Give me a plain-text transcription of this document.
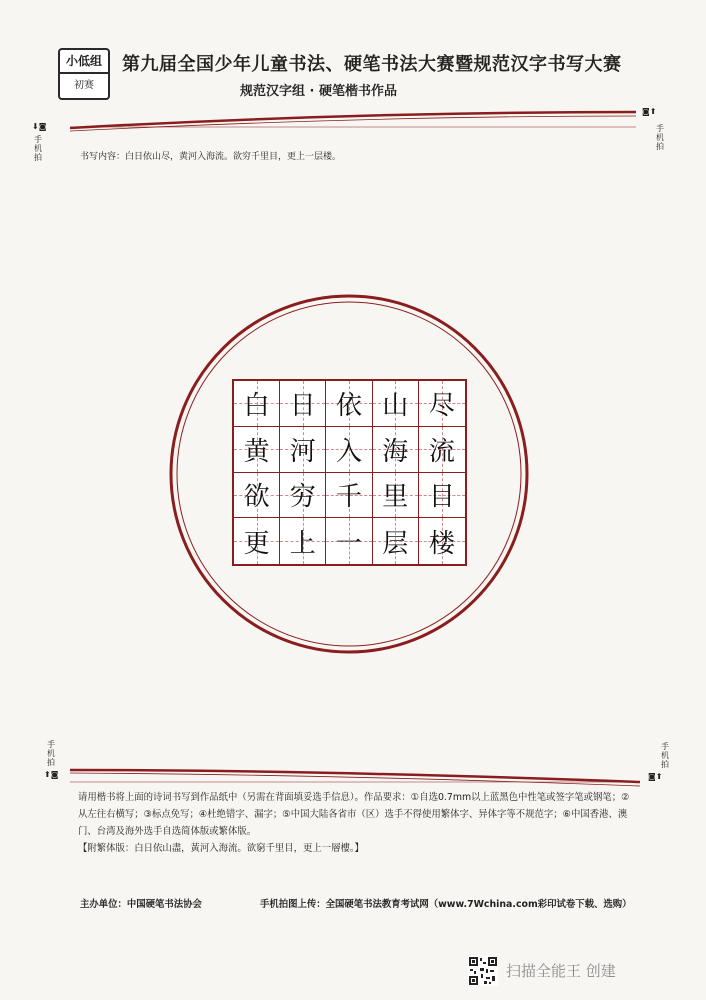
小低组
初赛
第九届全国少年儿童书法、硬笔书法大赛暨规范汉字书写大赛
规范汉字组 · 硬笔楷书作品
⬇◙
手机拍
◙⬆
手机拍
手机拍
⬆◙
手机拍
◙⬆
书写内容：白日依山尽，黄河入海流。欲穷千里目，更上一层楼。
白 日 依 山 尽
黄 河 入 海 流
欲 穷 千 里 目
更 上 一 层 楼
请用楷书将上面的诗词书写到作品纸中（另需在背面填妥选手信息）。作品要求：①自选0.7mm以上蓝黑色中性笔或签字笔或钢笔；②从左往右横写；③标点免写；④杜绝错字、漏字；⑤中国大陆各省市（区）选手不得使用繁体字、异体字等不规范字；⑥中国香港、澳门、台湾及海外选手自选简体版或繁体版。
【附繁体版：白日依山盡，黃河入海流。欲窮千里目，更上一層樓。】
主办单位：中国硬笔书法协会	手机拍图上传：全国硬笔书法教育考试网（www.7Wchina.com彩印试卷下载、选购）
扫描全能王 创建
